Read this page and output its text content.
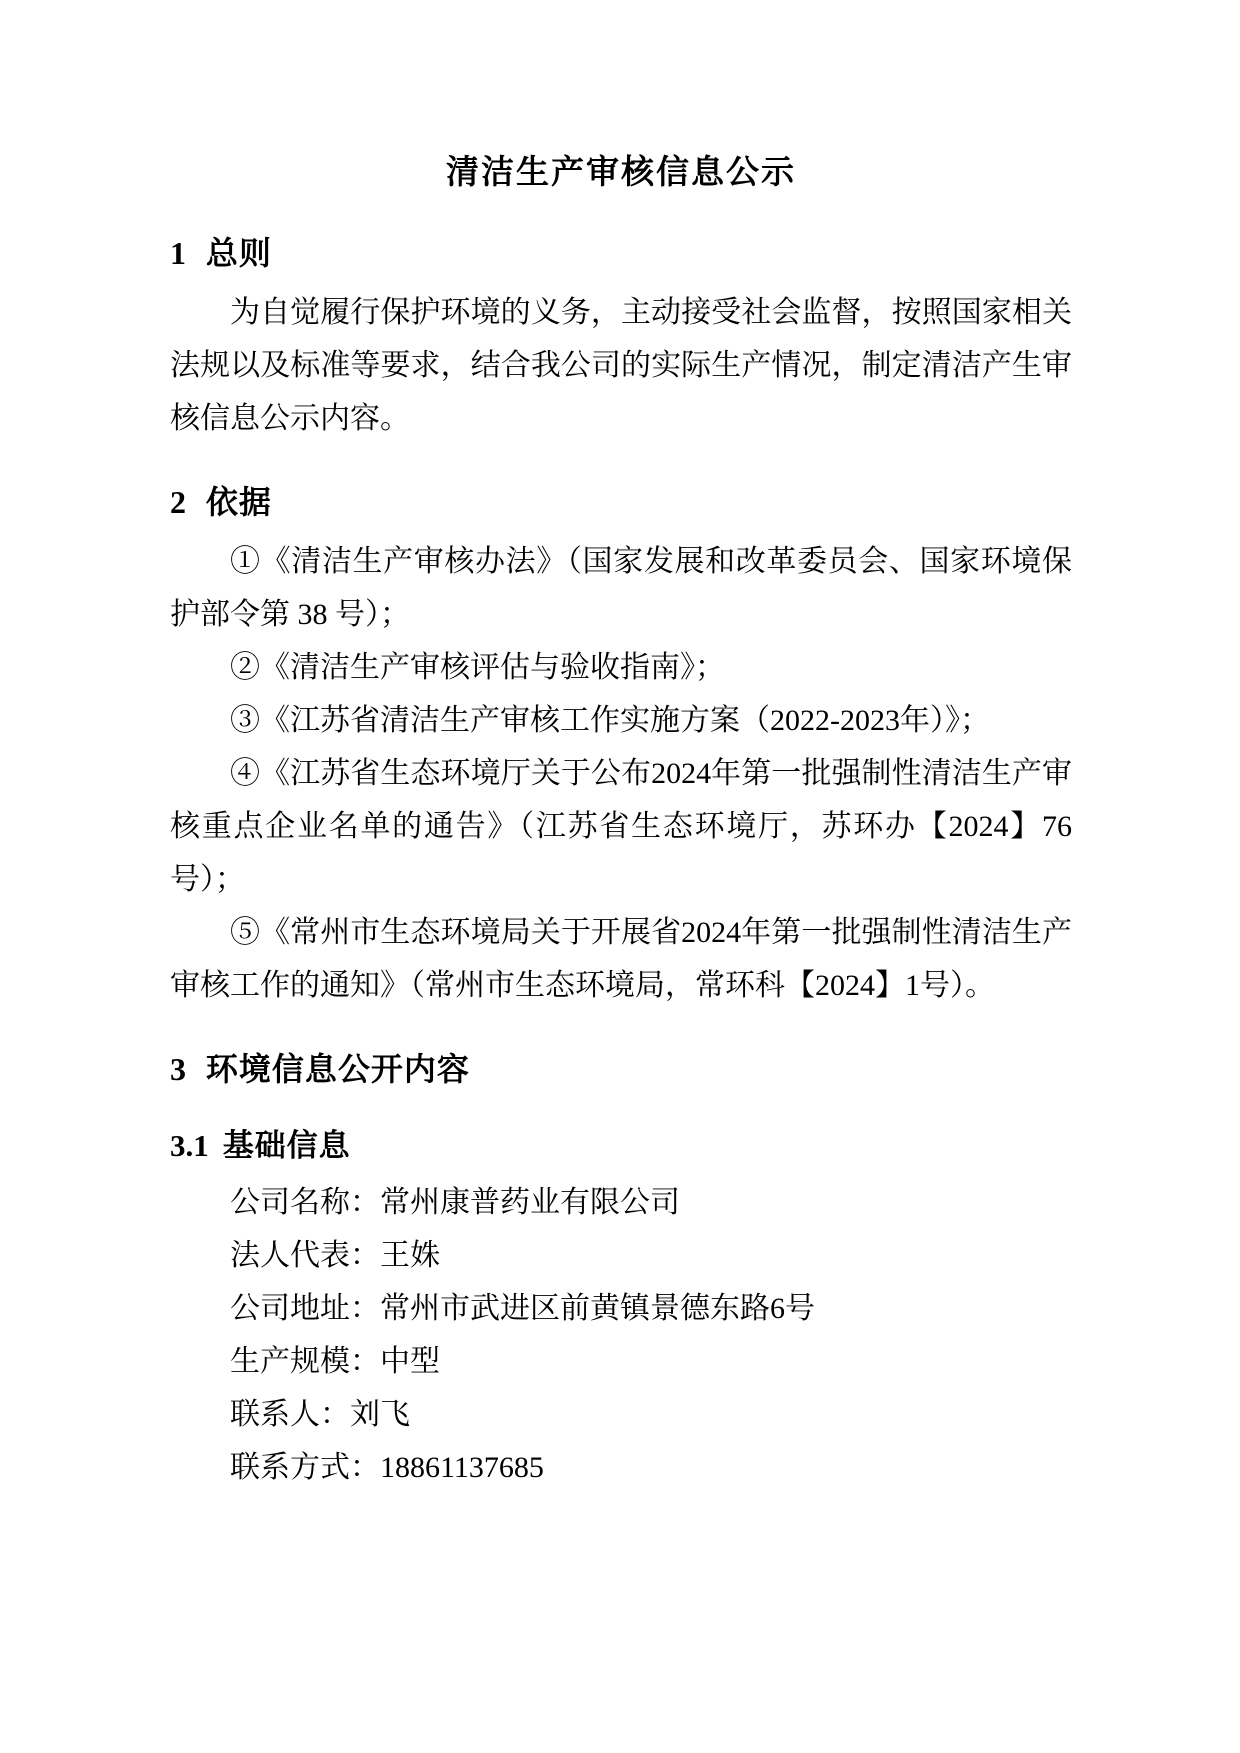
清洁生产审核信息公示
1 总则

为自觉履行保护环境的义务，主动接受社会监督，按照国家相关法规以及标准等要求，结合我公司的实际生产情况，制定清洁产生审核信息公示内容。

2 依据

①《清洁生产审核办法》（国家发展和改革委员会、国家环境保护部令第 38 号）；

②《清洁生产审核评估与验收指南》；

③《江苏省清洁生产审核工作实施方案（2022-2023年）》；

④《江苏省生态环境厅关于公布2024年第一批强制性清洁生产审核重点企业名单的通告》（江苏省生态环境厅，苏环办【2024】76号）；

⑤《常州市生态环境局关于开展省2024年第一批强制性清洁生产审核工作的通知》（常州市生态环境局，常环科【2024】1号）。

3 环境信息公开内容
3.1 基础信息

公司名称：常州康普药业有限公司

法人代表：王姝

公司地址：常州市武进区前黄镇景德东路6号

生产规模：中型

联系人：刘飞

联系方式：18861137685
